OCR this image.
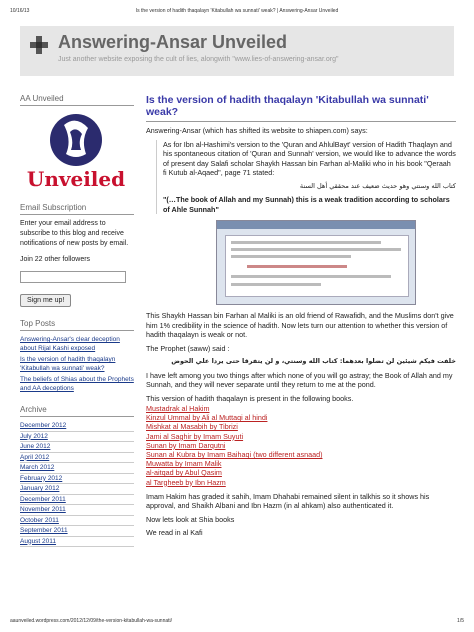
10/16/13	Is the version of hadith thaqalayn 'Kitabullah wa sunnati' weak? | Answering-Ansar Unveiled
Answering-Ansar Unveiled
Just another website exposing the cult of lies, alongwith "www.lies-of-answering-ansar.org"
AA Unveiled
Unveiled
Email Subscription
Enter your email address to subscribe to this blog and receive notifications of new posts by email.
Join 22 other followers
Sign me up!
Top Posts
Answering-Ansar's clear deception about Rijal Kashi exposed
Is the version of hadith thaqalayn 'Kitabullah wa sunnati' weak?
The beliefs of Shias about the Prophets and AA deceptions
Archive
December 2012
July 2012
June 2012
April 2012
March 2012
February 2012
January 2012
December 2011
November 2011
October 2011
September 2011
August 2011
Is the version of hadith thaqalayn 'Kitabullah wa sunnati' weak?
Answering-Ansar (which has shifted its website to shiapen.com) says:
As for Ibn al-Hashimi's version to the 'Quran and AhlulBayt' version of Hadith Thaqlayn and his spontaneous citation of 'Quran and Sunnah' version, we would like to advance the words of present day Salafi scholar Shaykh Hassan bin Farhan al-Maliki who in his book "Qeraah fi Kutub al-Aqaed", page 71 stated:
كتاب الله وسنتي وهو حديث ضعيف عند محققي أهل السنة
"(…The book of Allah and my Sunnah) this is a weak tradition according to scholars of Ahle Sunnah"
This Shaykh Hassan bin Farhan al Maliki is an old friend of Rawafidh, and the Muslims don't give him 1% credibility in the science of hadith. Now lets turn our attention to whether this version of hadith thaqalayn is weak or not.
The Prophet (saww) said :
خلفت فيكم شيئين لن تضلوا بعدهما: كتاب الله وسنتي، و لن يتفرقا حتى يردا علي الحوض
I have left among you two things after which none of you will go astray; the Book of Allah and my Sunnah, and they will never separate until they return to me at the pond.
This version of hadith thaqalayn is present in the following books.
Mustadrak al Hakim
Kinzul Ummal by Ali al Muttaqi al hindi
Mishkat al Masabih by Tibrizi
Jami al Saghir by Imam Suyuti
Sunan by Imam Darqutni
Sunan al Kubra by Imam Baihaqi (two different asnaad)
Muwatta by Imam Malik
al-aitqad by Abul Qasim
al Targheeb by Ibn Hazm
Imam Hakim has graded it sahih, Imam Dhahabi remained silent in talkhis so it shows his approval, and Shaikh Albani and Ibn Hazm (in al ahkam) also authenticated it.
Now lets look at Shia books
We read in al Kafi
aaunveiled.wordpress.com/2012/12/09/the-version-kitabullah-wa-sunnati/	1/5
